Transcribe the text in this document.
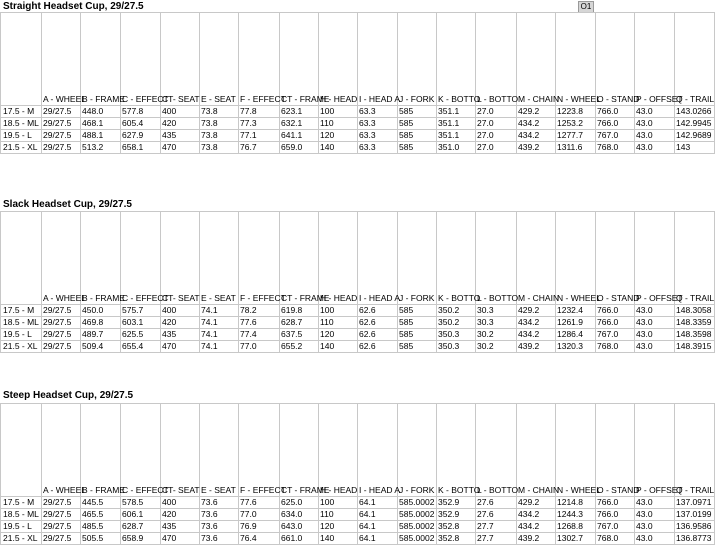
O1
Straight Headset Cup, 29/27.5
	A - WHEEL	B - FRAME	C - EFFECT	CT- SEAT	E - SEAT	F - EFFECT	CT - FRAME	H - HEAD	I - HEAD A	J - FORK	K - BOTTO	L - BOTTO	M - CHAIN	N - WHEEL	O - STAND	P - OFFSET	Q - TRAIL
17.5 - M	29/27.5	448.0	577.8	400	73.8	77.8	623.1	100	63.3	585	351.1	27.0	429.2	1223.8	766.0	43.0	143.0266
18.5 - ML	29/27.5	468.1	605.4	420	73.8	77.3	632.1	110	63.3	585	351.1	27.0	434.2	1253.2	766.0	43.0	142.9945
19.5 - L	29/27.5	488.1	627.9	435	73.8	77.1	641.1	120	63.3	585	351.1	27.0	434.2	1277.7	767.0	43.0	142.9689
21.5 - XL	29/27.5	513.2	658.1	470	73.8	76.7	659.0	140	63.3	585	351.0	27.0	439.2	1311.6	768.0	43.0	143
Slack Headset Cup, 29/27.5
	A - WHEEL	B - FRAME	C - EFFECT	CT- SEAT	E - SEAT	F - EFFECT	CT - FRAME	H - HEAD	I - HEAD A	J - FORK	K - BOTTO	L - BOTTO	M - CHAIN	N - WHEEL	O - STAND	P - OFFSET	Q - TRAIL
17.5 - M	29/27.5	450.0	575.7	400	74.1	78.2	619.8	100	62.6	585	350.2	30.3	429.2	1232.4	766.0	43.0	148.3058
18.5 - ML	29/27.5	469.8	603.1	420	74.1	77.6	628.7	110	62.6	585	350.2	30.3	434.2	1261.9	766.0	43.0	148.3359
19.5 - L	29/27.5	489.7	625.5	435	74.1	77.4	637.5	120	62.6	585	350.3	30.2	434.2	1286.4	767.0	43.0	148.3598
21.5 - XL	29/27.5	509.4	655.4	470	74.1	77.0	655.2	140	62.6	585	350.3	30.2	439.2	1320.3	768.0	43.0	148.3915
Steep Headset Cup, 29/27.5
	A - WHEEL	B - FRAME	C - EFFECT	CT- SEAT	E - SEAT	F - EFFECT	CT - FRAME	H - HEAD	I - HEAD A	J - FORK	K - BOTTO	L - BOTTO	M - CHAIN	N - WHEEL	O - STAND	P - OFFSET	Q - TRAIL
17.5 - M	29/27.5	445.5	578.5	400	73.6	77.6	625.0	100	64.1	585.0002	352.9	27.6	429.2	1214.8	766.0	43.0	137.0971
18.5 - ML	29/27.5	465.5	606.1	420	73.6	77.0	634.0	110	64.1	585.0002	352.9	27.6	434.2	1244.3	766.0	43.0	137.0199
19.5 - L	29/27.5	485.5	628.7	435	73.6	76.9	643.0	120	64.1	585.0002	352.8	27.7	434.2	1268.8	767.0	43.0	136.9586
21.5 - XL	29/27.5	505.5	658.9	470	73.6	76.4	661.0	140	64.1	585.0002	352.8	27.7	439.2	1302.7	768.0	43.0	136.8773
